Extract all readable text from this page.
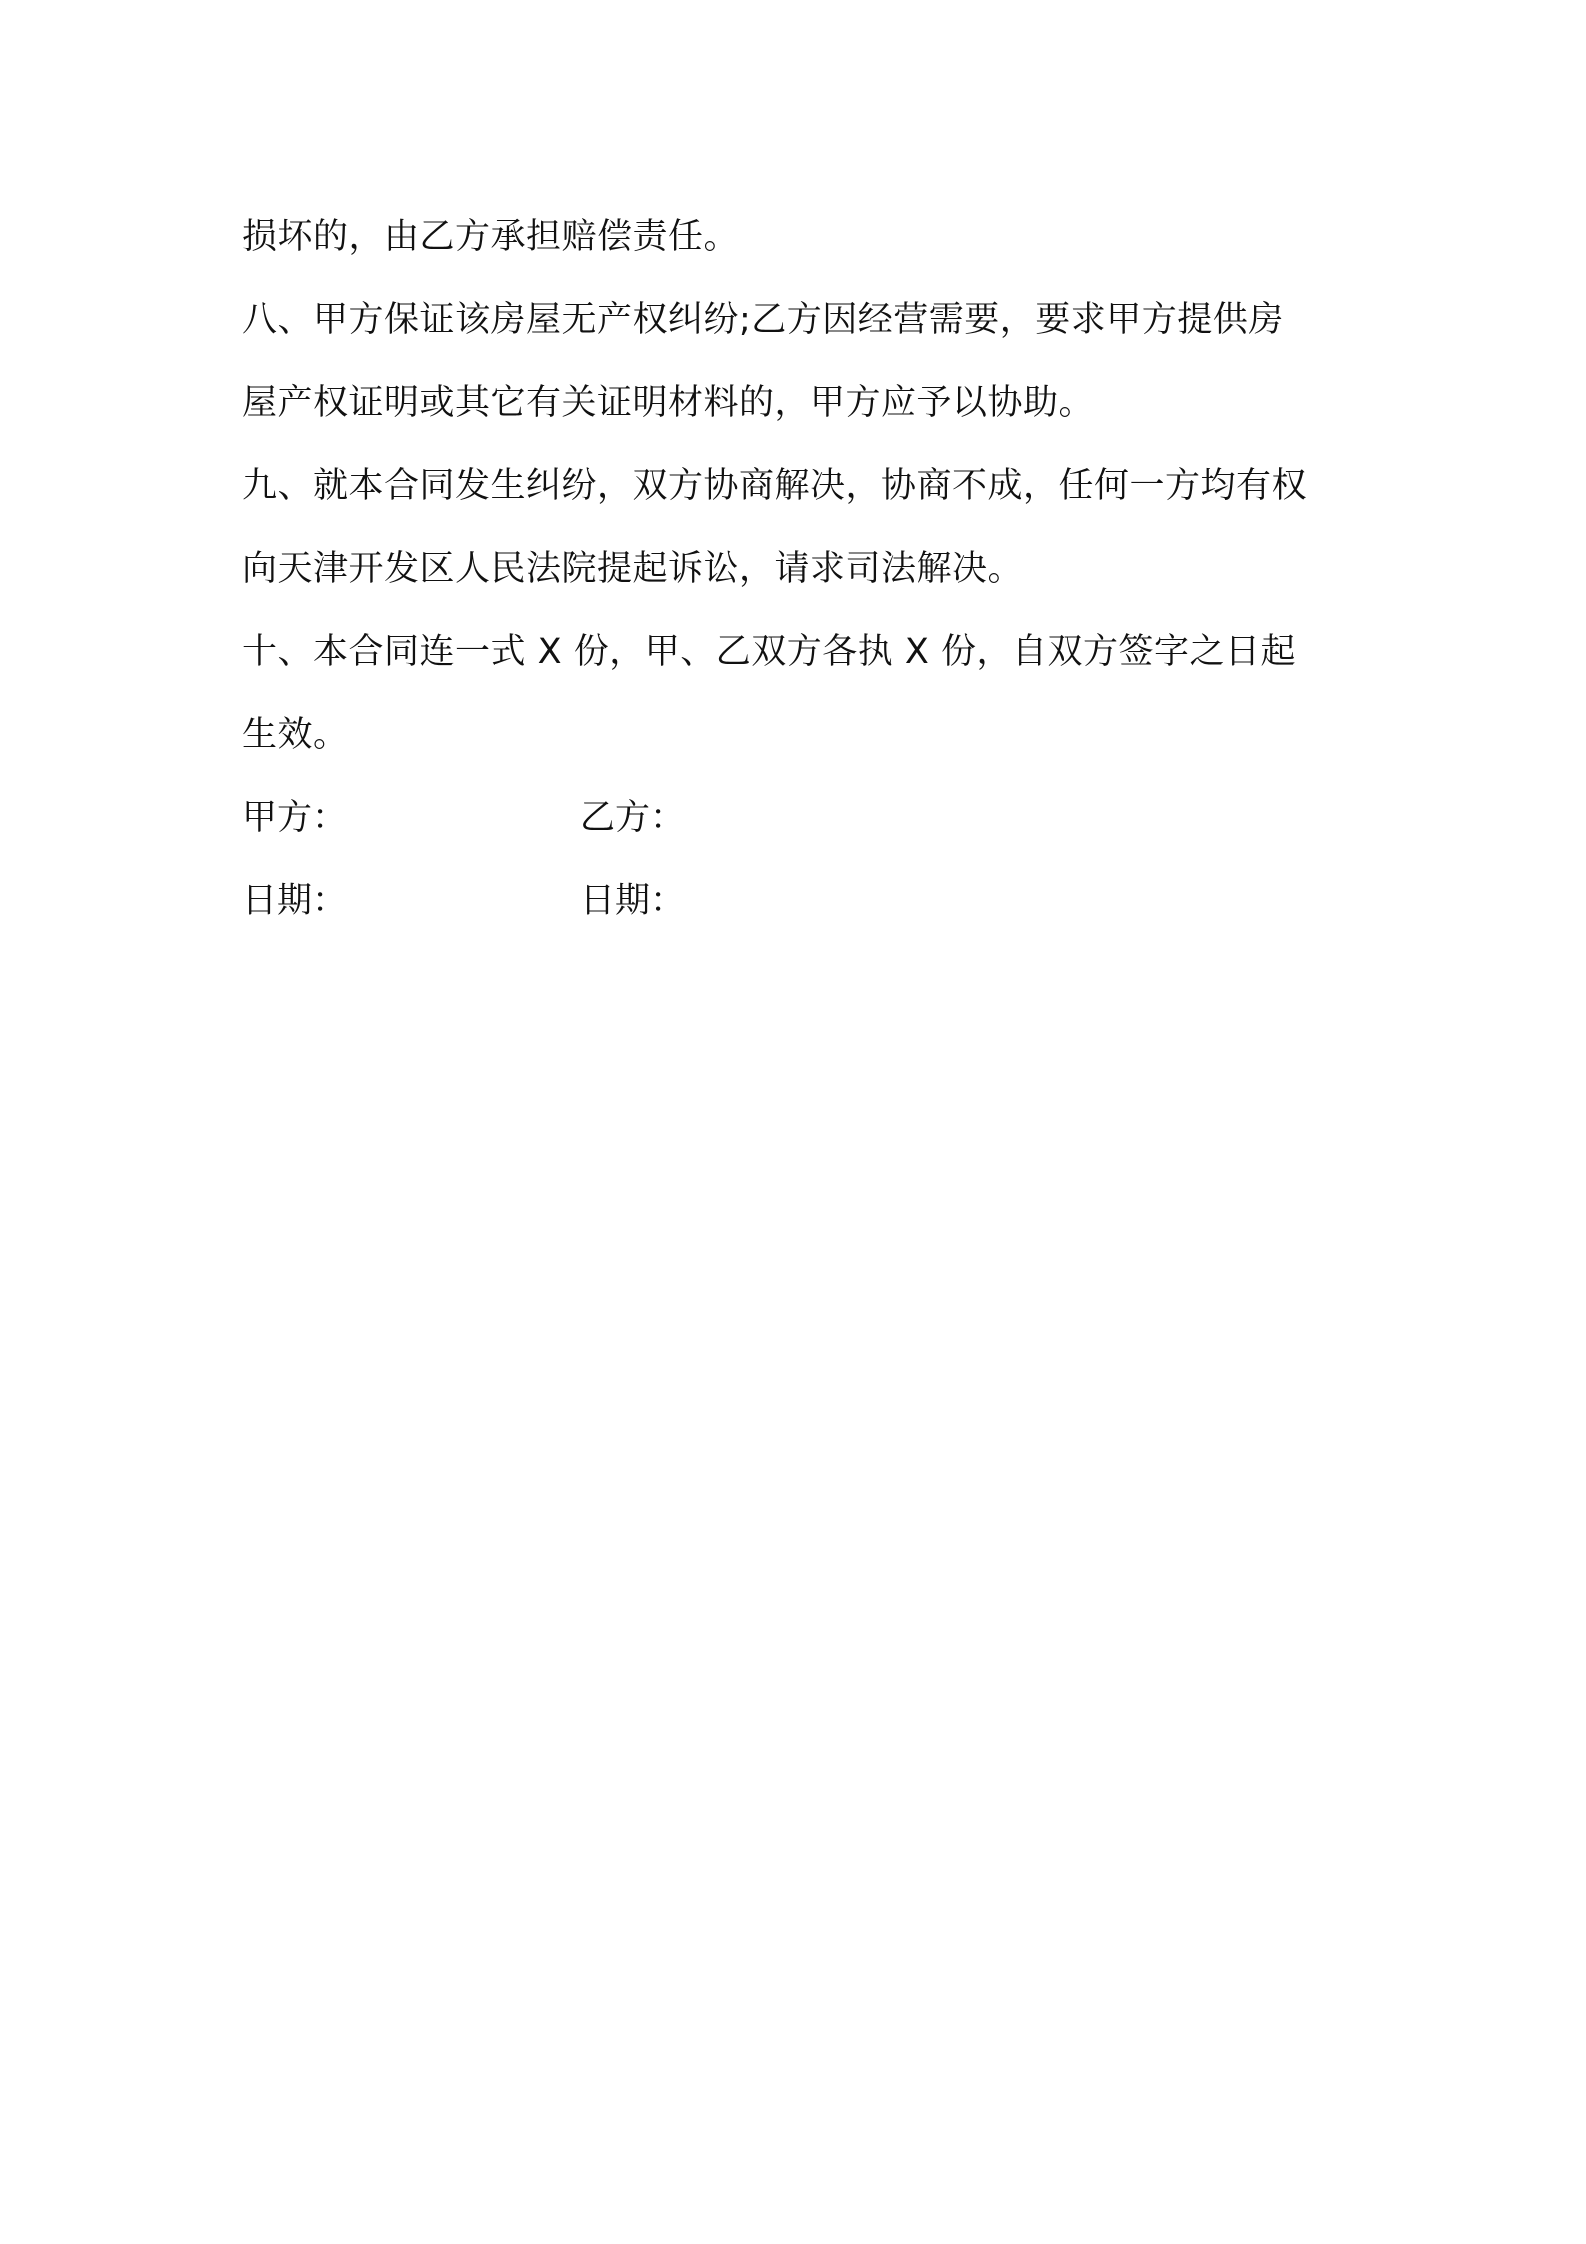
损坏的，由乙方承担赔偿责任。
八、甲方保证该房屋无产权纠纷;乙方因经营需要，要求甲方提供房
屋产权证明或其它有关证明材料的，甲方应予以协助。
九、就本合同发生纠纷，双方协商解决，协商不成，任何一方均有权
向天津开发区人民法院提起诉讼，请求司法解决。
十、本合同连一式 X 份，甲、乙双方各执 X 份，自双方签字之日起
生效。
甲方：	乙方：
日期：	日期：
